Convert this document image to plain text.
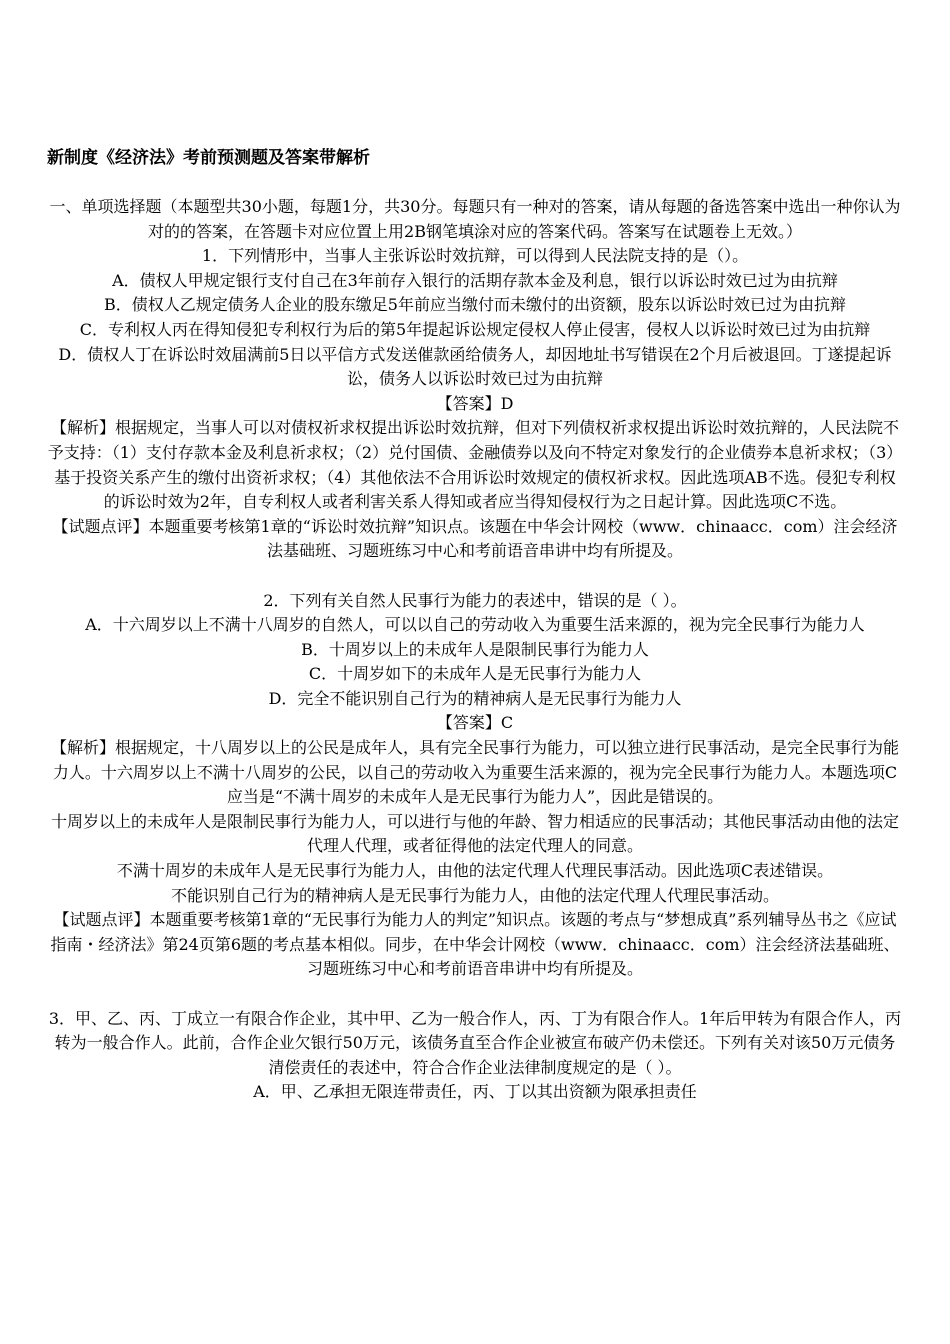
新制度《经济法》考前预测题及答案带解析

一、单项选择题（本题型共30小题，每题1分，共30分。每题只有一种对的答案，请从每题的备选答案中选出一种你认为对的的答案，在答题卡对应位置上用2B钢笔填涂对应的答案代码。答案写在试题卷上无效。）

1．下列情形中，当事人主张诉讼时效抗辩，可以得到人民法院支持的是（）。

A．债权人甲规定银行支付自己在3年前存入银行的活期存款本金及利息，银行以诉讼时效已过为由抗辩

B．债权人乙规定债务人企业的股东缴足5年前应当缴付而未缴付的出资额，股东以诉讼时效已过为由抗辩

C．专利权人丙在得知侵犯专利权行为后的第5年提起诉讼规定侵权人停止侵害，侵权人以诉讼时效已过为由抗辩

D．债权人丁在诉讼时效届满前5日以平信方式发送催款函给债务人，却因地址书写错误在2个月后被退回。丁遂提起诉讼，债务人以诉讼时效已过为由抗辩

【答案】D

【解析】根据规定，当事人可以对债权祈求权提出诉讼时效抗辩，但对下列债权祈求权提出诉讼时效抗辩的，人民法院不予支持：（1）支付存款本金及利息祈求权；（2）兑付国债、金融债券以及向不特定对象发行的企业债券本息祈求权；（3）基于投资关系产生的缴付出资祈求权；（4）其他依法不合用诉讼时效规定的债权祈求权。因此选项AB不选。侵犯专利权的诉讼时效为2年，自专利权人或者利害关系人得知或者应当得知侵权行为之日起计算。因此选项C不选。

【试题点评】本题重要考核第1章的“诉讼时效抗辩”知识点。该题在中华会计网校（www．chinaacc．com）注会经济法基础班、习题班练习中心和考前语音串讲中均有所提及。

2．下列有关自然人民事行为能力的表述中，错误的是（ ）。

A．十六周岁以上不满十八周岁的自然人，可以以自己的劳动收入为重要生活来源的，视为完全民事行为能力人

B．十周岁以上的未成年人是限制民事行为能力人

C．十周岁如下的未成年人是无民事行为能力人

D．完全不能识别自己行为的精神病人是无民事行为能力人

【答案】C

【解析】根据规定，十八周岁以上的公民是成年人，具有完全民事行为能力，可以独立进行民事活动，是完全民事行为能力人。十六周岁以上不满十八周岁的公民，以自己的劳动收入为重要生活来源的，视为完全民事行为能力人。本题选项C应当是“不满十周岁的未成年人是无民事行为能力人”，因此是错误的。

十周岁以上的未成年人是限制民事行为能力人，可以进行与他的年龄、智力相适应的民事活动；其他民事活动由他的法定代理人代理，或者征得他的法定代理人的同意。

不满十周岁的未成年人是无民事行为能力人，由他的法定代理人代理民事活动。因此选项C表述错误。

不能识别自己行为的精神病人是无民事行为能力人，由他的法定代理人代理民事活动。

【试题点评】本题重要考核第1章的“无民事行为能力人的判定”知识点。该题的考点与“梦想成真”系列辅导丛书之《应试指南・经济法》第24页第6题的考点基本相似。同步，在中华会计网校（www．chinaacc．com）注会经济法基础班、习题班练习中心和考前语音串讲中均有所提及。

3．甲、乙、丙、丁成立一有限合作企业，其中甲、乙为一般合作人，丙、丁为有限合作人。1年后甲转为有限合作人，丙转为一般合作人。此前，合作企业欠银行50万元，该债务直至合作企业被宣布破产仍未偿还。下列有关对该50万元债务清偿责任的表述中，符合合作企业法律制度规定的是（ ）。

A．甲、乙承担无限连带责任，丙、丁以其出资额为限承担责任
